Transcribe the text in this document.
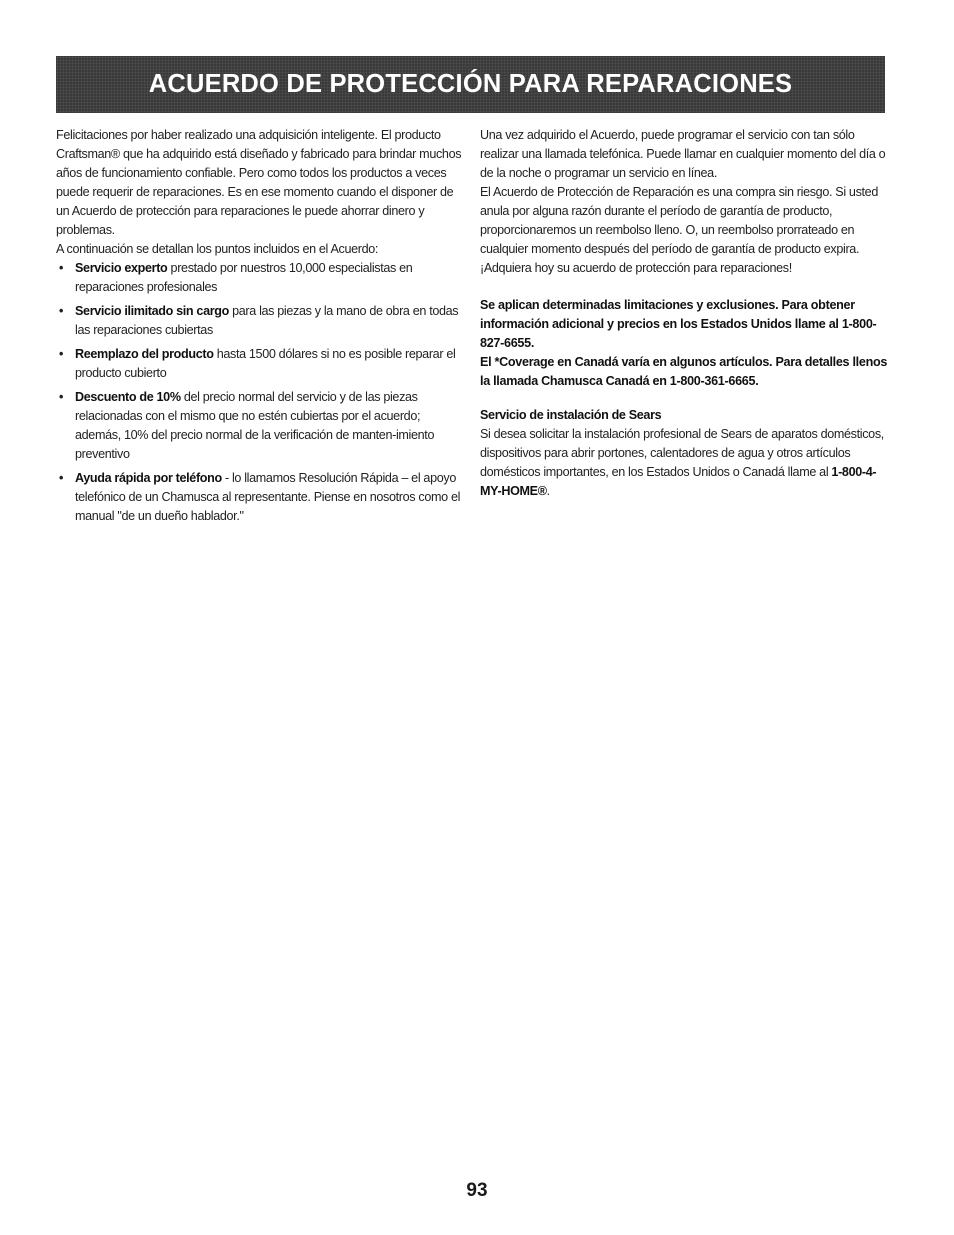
ACUERDO DE PROTECCIÓN PARA REPARACIONES

Felicitaciones por haber realizado una adquisición inteligente. El producto Craftsman® que ha adquirido está diseñado y fabricado para brindar muchos años de funcionamiento confiable. Pero como todos los productos a veces puede requerir de reparaciones. Es en ese momento cuando el disponer de un Acuerdo de protección para reparaciones le puede ahorrar dinero y problemas.

A continuación se detallan los puntos incluidos en el Acuerdo:

• Servicio experto prestado por nuestros 10,000 especialistas en reparaciones profesionales
• Servicio ilimitado sin cargo para las piezas y la mano de obra en todas las reparaciones cubiertas
• Reemplazo del producto hasta 1500 dólares si no es posible reparar el producto cubierto
• Descuento de 10% del precio normal del servicio y de las piezas relacionadas con el mismo que no estén cubiertas por el acuerdo; además, 10% del precio normal de la verificación de manten-imiento preventivo
• Ayuda rápida por teléfono - lo llamamos Resolución Rápida – el apoyo telefónico de un Chamusca al representante. Piense en nosotros como el manual "de un dueño hablador."

Una vez adquirido el Acuerdo, puede programar el servicio con tan sólo realizar una llamada telefónica. Puede llamar en cualquier momento del día o de la noche o programar un servicio en línea.

El Acuerdo de Protección de Reparación es una compra sin riesgo. Si usted anula por alguna razón durante el período de garantía de producto, proporcionaremos un reembolso lleno. O, un reembolso prorrateado en cualquier momento después del período de garantía de producto expira. ¡Adquiera hoy su acuerdo de protección para reparaciones!

Se aplican determinadas limitaciones y exclusiones. Para obtener información adicional y precios en los Estados Unidos llame al 1-800-827-6655.

El *Coverage en Canadá varía en algunos artículos. Para detalles llenos la llamada Chamusca Canadá en 1-800-361-6665.

Servicio de instalación de Sears

Si desea solicitar la instalación profesional de Sears de aparatos domésticos, dispositivos para abrir portones, calentadores de agua y otros artículos domésticos importantes, en los Estados Unidos o Canadá llame al 1-800-4-MY-HOME®.

93
